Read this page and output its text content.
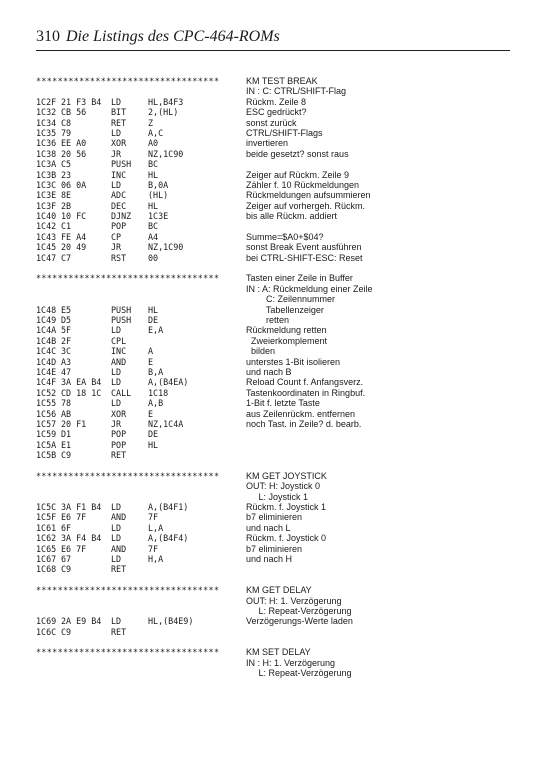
310 Die Listings des CPC-464-ROMs
**********************************	KM TEST BREAK
IN : C: CTRL/SHIFT-Flag
1C2F 21 F3 B4 LD	HL,B4F3	Rückm. Zeile 8
1C32 CB 56	BIT	2,(HL)	ESC gedrückt?
1C34 C8	RET	Z	sonst zurück
1C35 79	LD	A,C	CTRL/SHIFT-Flags
1C36 EE A0	XOR	A0	invertieren
1C38 20 56	JR	NZ,1C90	beide gesetzt? sonst raus
1C3A C5	PUSH BC
1C3B 23	INC	HL	Zeiger auf Rückm. Zeile 9
1C3C 06 0A	LD	B,0A	Zähler f. 10 Rückmeldungen
1C3E 8E	ADC	(HL)	Rückmeldungen aufsummieren
1C3F 2B	DEC	HL	Zeiger auf vorhergeh. Rückm.
1C40 10 FC	DJNZ 1C3E	bis alle Rückm. addiert
1C42 C1	POP	BC
1C43 FE A4	CP	A4	Summe=$A0+$04?
1C45 20 49	JR	NZ,1C90	sonst Break Event ausführen
1C47 C7	RST	00	bei CTRL-SHIFT-ESC: Reset
**********************************	Tasten einer Zeile in Buffer
IN : A: Rückmeldung einer Zeile
C: Zeilennummer
1C48 E5	PUSH HL	Tabellenzeiger
1C49 D5	PUSH DE	retten
1C4A 5F	LD	E,A	Rückmeldung retten
1C4B 2F	CPL	Zweierkomplement
1C4C 3C	INC	A	bilden
1C4D A3	AND	E	unterstes 1-Bit isolieren
1C4E 47	LD	B,A	und nach B
1C4F 3A EA B4 LD	A,(B4EA)	Reload Count f. Anfangsverz.
1C52 CD 18 1C CALL 1C18	Tastenkoordinaten in Ringbuf.
1C55 78	LD	A,B	1-Bit f. letzte Taste
1C56 AB	XOR	E	aus Zeilenrückm. entfernen
1C57 20 F1	JR	NZ,1C4A	noch Tast. in Zeile? d. bearb.
1C59 D1	POP	DE
1C5A E1	POP	HL
1C5B C9	RET
**********************************	KM GET JOYSTICK
OUT: H: Joystick 0
L: Joystick 1
1C5C 3A F1 B4 LD	A,(B4F1)	Rückm. f. Joystick 1
1C5F E6 7F	AND	7F	b7 eliminieren
1C61 6F	LD	L,A	und nach L
1C62 3A F4 B4 LD	A,(B4F4)	Rückm. f. Joystick 0
1C65 E6 7F	AND	7F	b7 eliminieren
1C67 67	LD	H,A	und nach H
1C68 C9	RET
**********************************	KM GET DELAY
OUT: H: 1. Verzögerung
L: Repeat-Verzögerung
1C69 2A E9 B4 LD	HL,(B4E9)	Verzögerungs-Werte laden
1C6C C9	RET
**********************************	KM SET DELAY
IN : H: 1. Verzögerung
L: Repeat-Verzögerung
